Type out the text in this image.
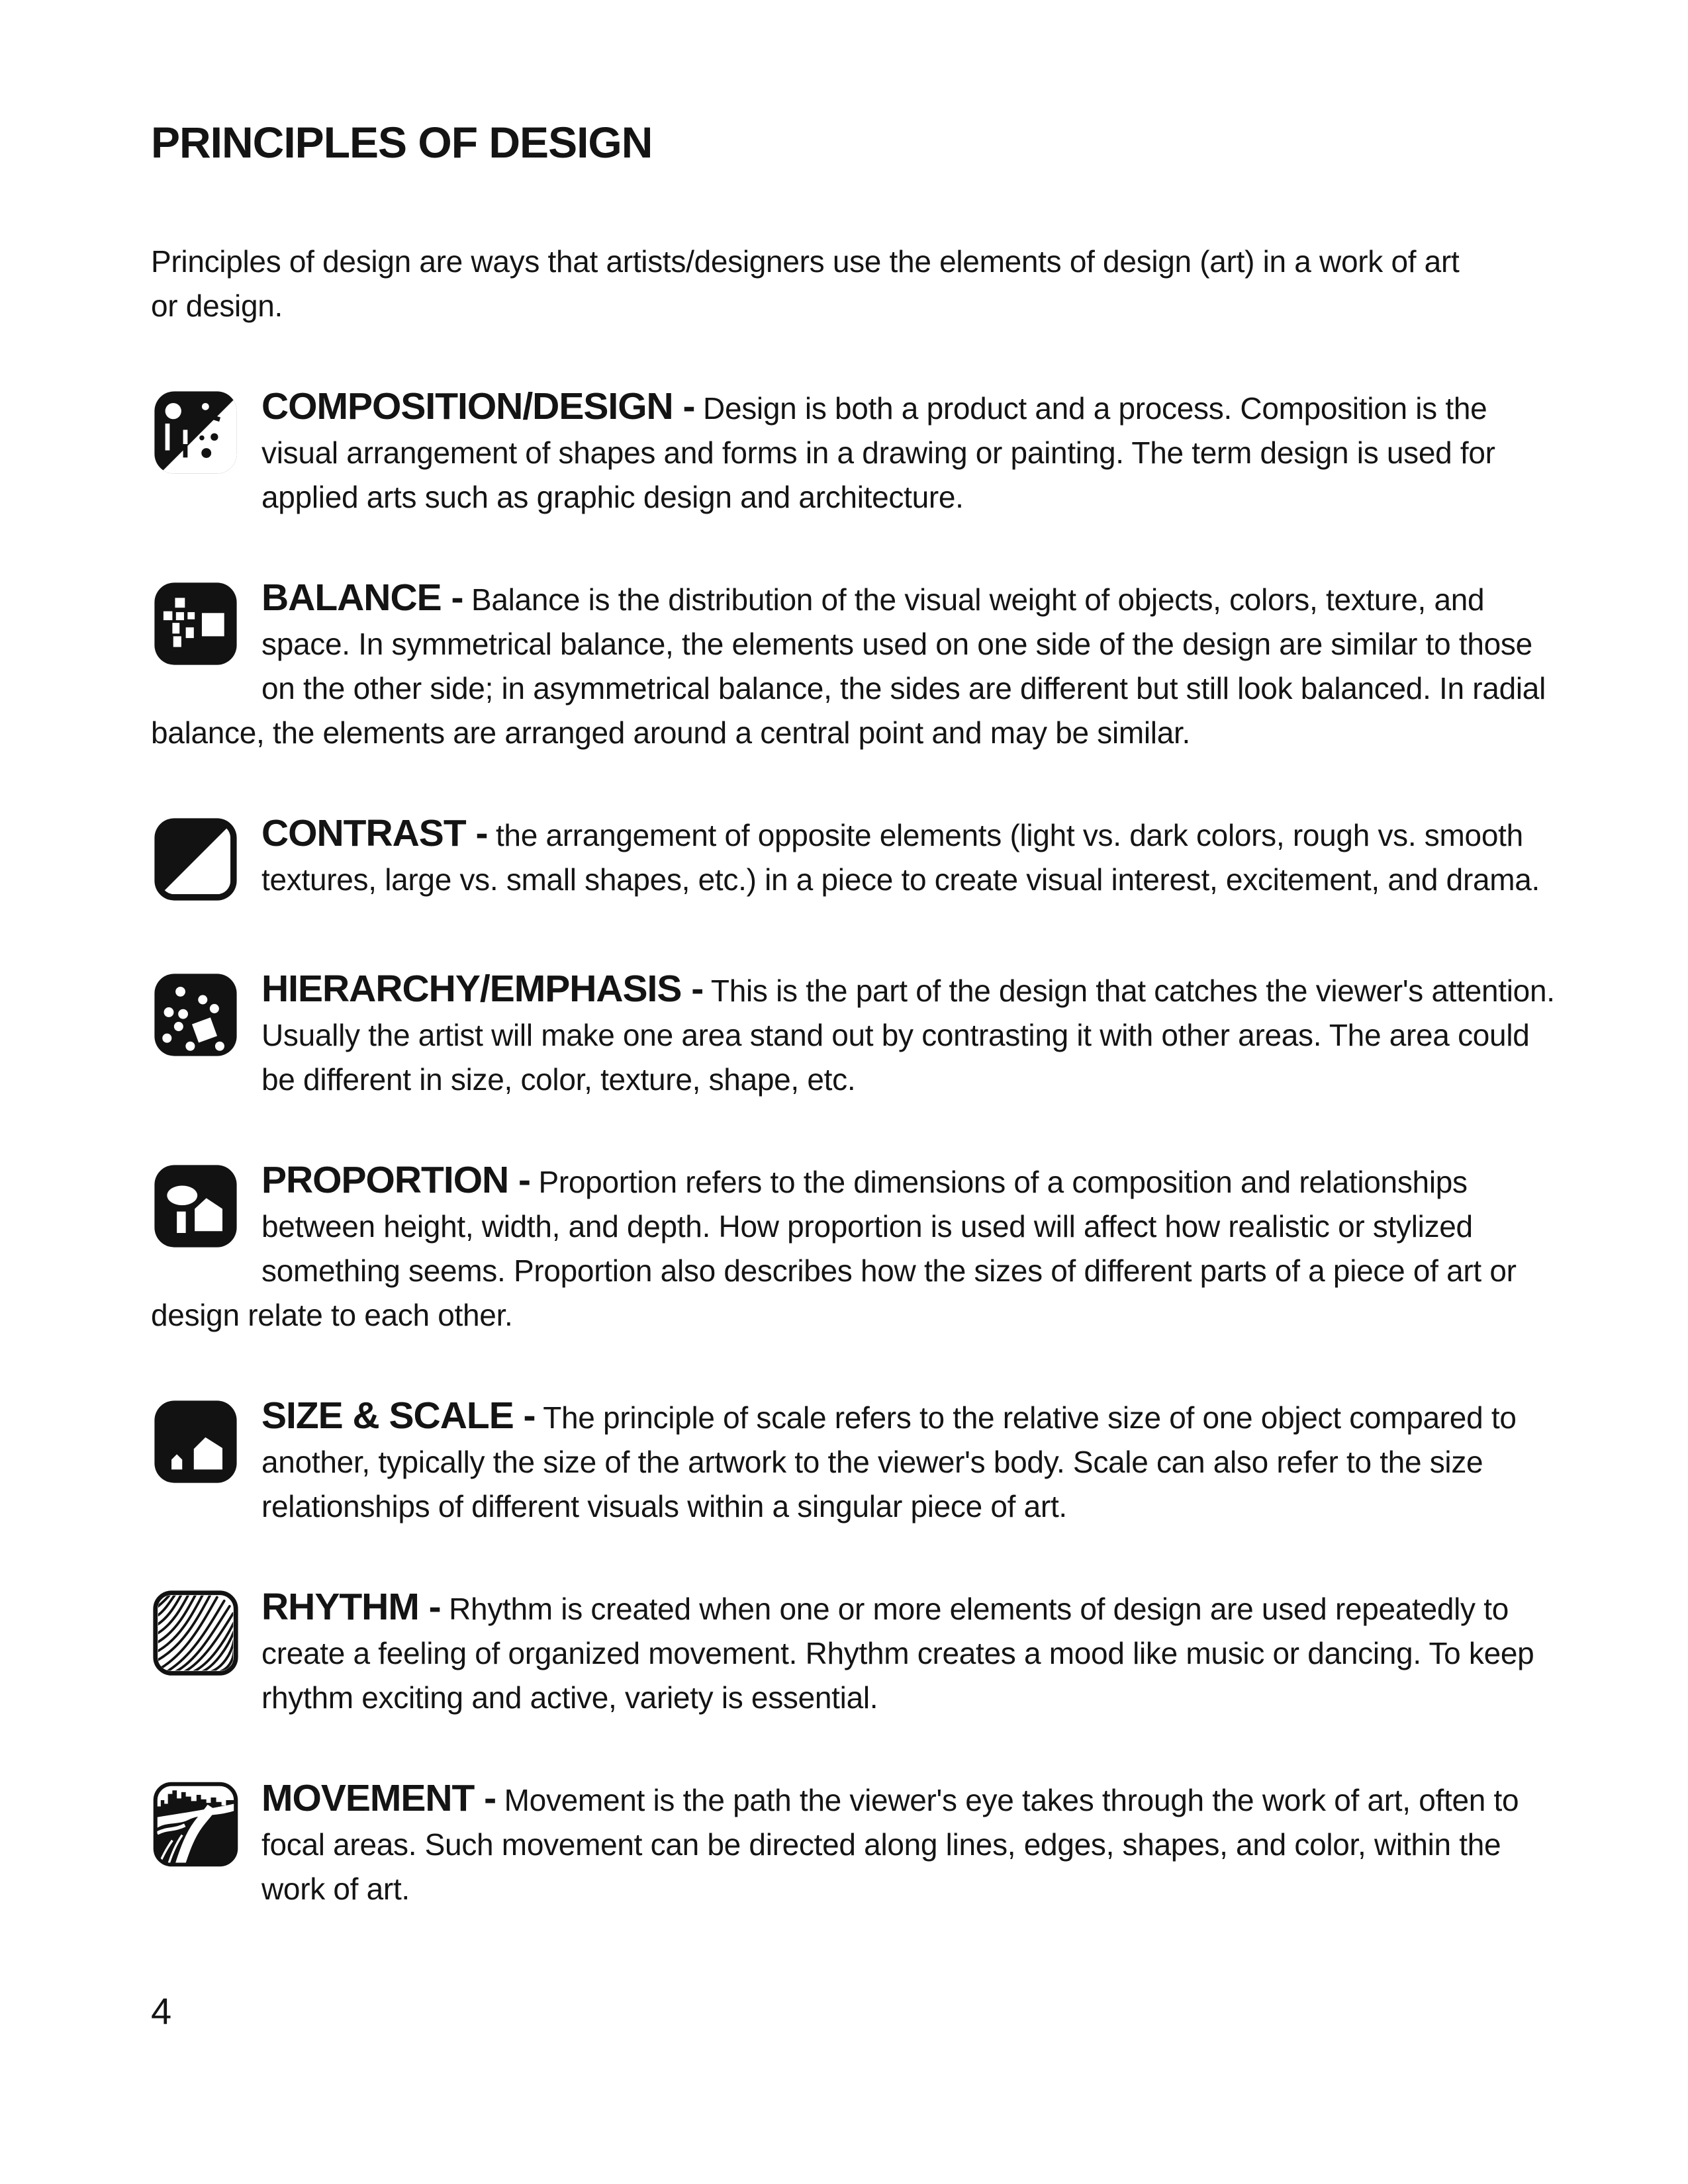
PRINCIPLES OF DESIGN

Principles of design are ways that artists/designers use the elements of design (art) in a work of art or design.

COMPOSITION/DESIGN - Design is both a product and a process. Composition is the visual arrangement of shapes and forms in a drawing or painting. The term design is used for applied arts such as graphic design and architecture.

BALANCE - Balance is the distribution of the visual weight of objects, colors, texture, and space. In symmetrical balance, the elements used on one side of the design are similar to those on the other side; in asymmetrical balance, the sides are different but still look balanced. In radial balance, the elements are arranged around a central point and may be similar.

CONTRAST - the arrangement of opposite elements (light vs. dark colors, rough vs. smooth textures, large vs. small shapes, etc.) in a piece to create visual interest, excitement, and drama.

HIERARCHY/EMPHASIS - This is the part of the design that catches the viewer's attention. Usually the artist will make one area stand out by contrasting it with other areas. The area could be different in size, color, texture, shape, etc.

PROPORTION - Proportion refers to the dimensions of a composition and relationships between height, width, and depth. How proportion is used will affect how realistic or stylized something seems. Proportion also describes how the sizes of different parts of a piece of art or design relate to each other.

SIZE & SCALE - The principle of scale refers to the relative size of one object compared to another, typically the size of the artwork to the viewer's body. Scale can also refer to the size relationships of different visuals within a singular piece of art.

RHYTHM - Rhythm is created when one or more elements of design are used repeatedly to create a feeling of organized movement. Rhythm creates a mood like music or dancing. To keep rhythm exciting and active, variety is essential.

MOVEMENT - Movement is the path the viewer's eye takes through the work of art, often to focal areas. Such movement can be directed along lines, edges, shapes, and color, within the work of art.

4
